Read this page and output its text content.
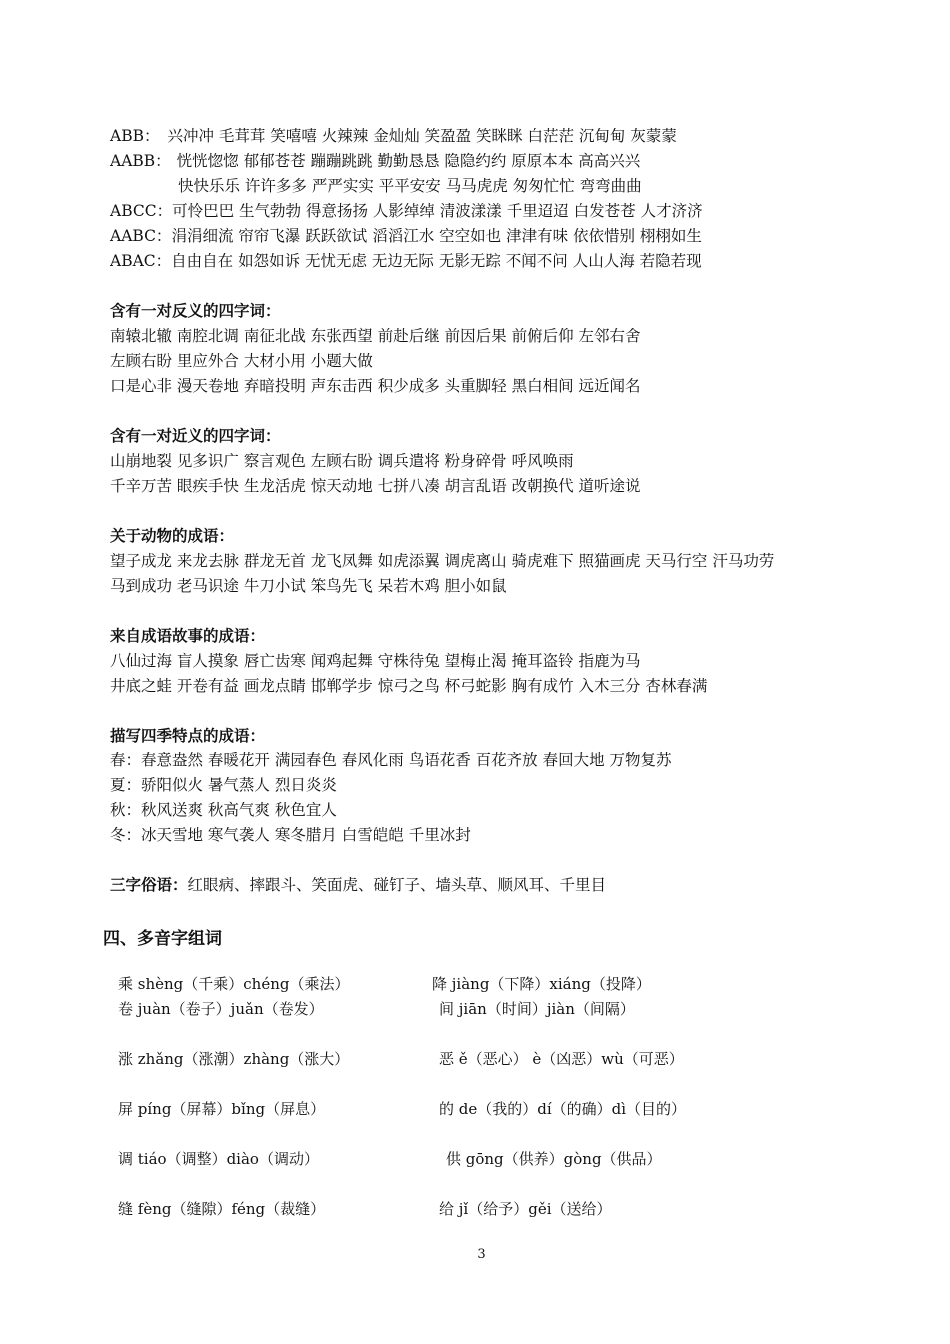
ABB： 兴冲冲 毛茸茸 笑嘻嘻 火辣辣 金灿灿 笑盈盈 笑眯眯 白茫茫 沉甸甸 灰蒙蒙
AABB： 恍恍惚惚 郁郁苍苍 蹦蹦跳跳 勤勤恳恳 隐隐约约 原原本本 高高兴兴
快快乐乐 许许多多 严严实实 平平安安 马马虎虎 匆匆忙忙 弯弯曲曲
ABCC：可怜巴巴 生气勃勃 得意扬扬 人影绰绰 清波漾漾 千里迢迢 白发苍苍 人才济济
AABC：涓涓细流 帘帘飞瀑 跃跃欲试 滔滔江水 空空如也 津津有味 依依惜别 栩栩如生
ABAC：自由自在 如怨如诉 无忧无虑 无边无际 无影无踪 不闻不问 人山人海 若隐若现
含有一对反义的四字词：
南辕北辙 南腔北调 南征北战 东张西望 前赴后继 前因后果 前俯后仰 左邻右舍
左顾右盼 里应外合 大材小用 小题大做
口是心非 漫天卷地 弃暗投明 声东击西 积少成多 头重脚轻 黑白相间 远近闻名
含有一对近义的四字词：
山崩地裂 见多识广 察言观色 左顾右盼 调兵遣将 粉身碎骨 呼风唤雨
千辛万苦 眼疾手快 生龙活虎 惊天动地 七拼八凑 胡言乱语 改朝换代 道听途说
关于动物的成语：
望子成龙 来龙去脉 群龙无首 龙飞凤舞 如虎添翼 调虎离山 骑虎难下 照猫画虎 天马行空 汗马功劳
马到成功 老马识途 牛刀小试 笨鸟先飞 呆若木鸡 胆小如鼠
来自成语故事的成语：
八仙过海 盲人摸象 唇亡齿寒 闻鸡起舞 守株待兔 望梅止渴 掩耳盗铃 指鹿为马
井底之蛙 开卷有益 画龙点睛 邯郸学步 惊弓之鸟 杯弓蛇影 胸有成竹 入木三分 杏林春满
描写四季特点的成语：
春：春意盎然 春暖花开 满园春色 春风化雨 鸟语花香 百花齐放 春回大地 万物复苏
夏：骄阳似火 暑气蒸人 烈日炎炎
秋：秋风送爽 秋高气爽 秋色宜人
冬：冰天雪地 寒气袭人 寒冬腊月 白雪皑皑 千里冰封
三字俗语：红眼病、摔跟斗、笑面虎、碰钉子、墙头草、顺风耳、千里目
四、多音字组词
乘 shèng（千乘）chéng（乘法）
卷 juàn（卷子）juǎn（卷发）
涨 zhǎng（涨潮）zhàng（涨大）
屏 píng（屏幕）bǐng（屏息）
调 tiáo（调整）diào（调动）
缝 fèng（缝隙）féng（裁缝）
降 jiàng（下降）xiáng（投降）
间 jiān（时间）jiàn（间隔）
恶 ě（恶心） è（凶恶）wù（可恶）
的 de（我的）dí（的确）dì（目的）
供 gōng（供养）gòng（供品）
给 jǐ（给予）gěi（送给）
3
